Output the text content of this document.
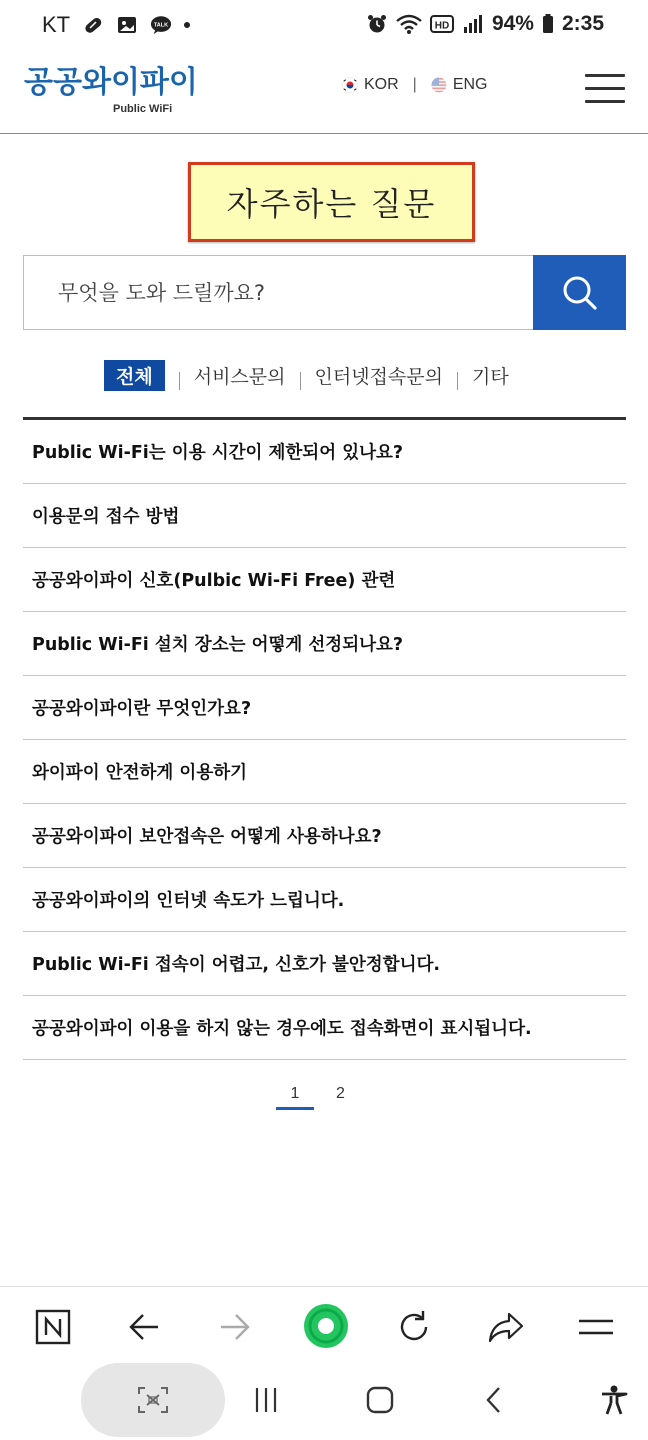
KT	TALK	HD 94% 2:35
공공와이파이
Public WiFi
KOR | ENG
자주하는 질문
무엇을 도와 드릴까요?
전체	서비스문의 인터넷접속문의 기타
Public Wi-Fi는 이용 시간이 제한되어 있나요?
이용문의 접수 방법
공공와이파이 신호(Pulbic Wi-Fi Free) 관련
Public Wi-Fi 설치 장소는 어떻게 선정되나요?
공공와이파이란 무엇인가요?
와이파이 안전하게 이용하기
공공와이파이 보안접속은 어떻게 사용하나요?
공공와이파이의 인터넷 속도가 느립니다.
Public Wi-Fi 접속이 어렵고, 신호가 불안정합니다.
공공와이파이 이용을 하지 않는 경우에도 접속화면이 표시됩니다.
1	2
